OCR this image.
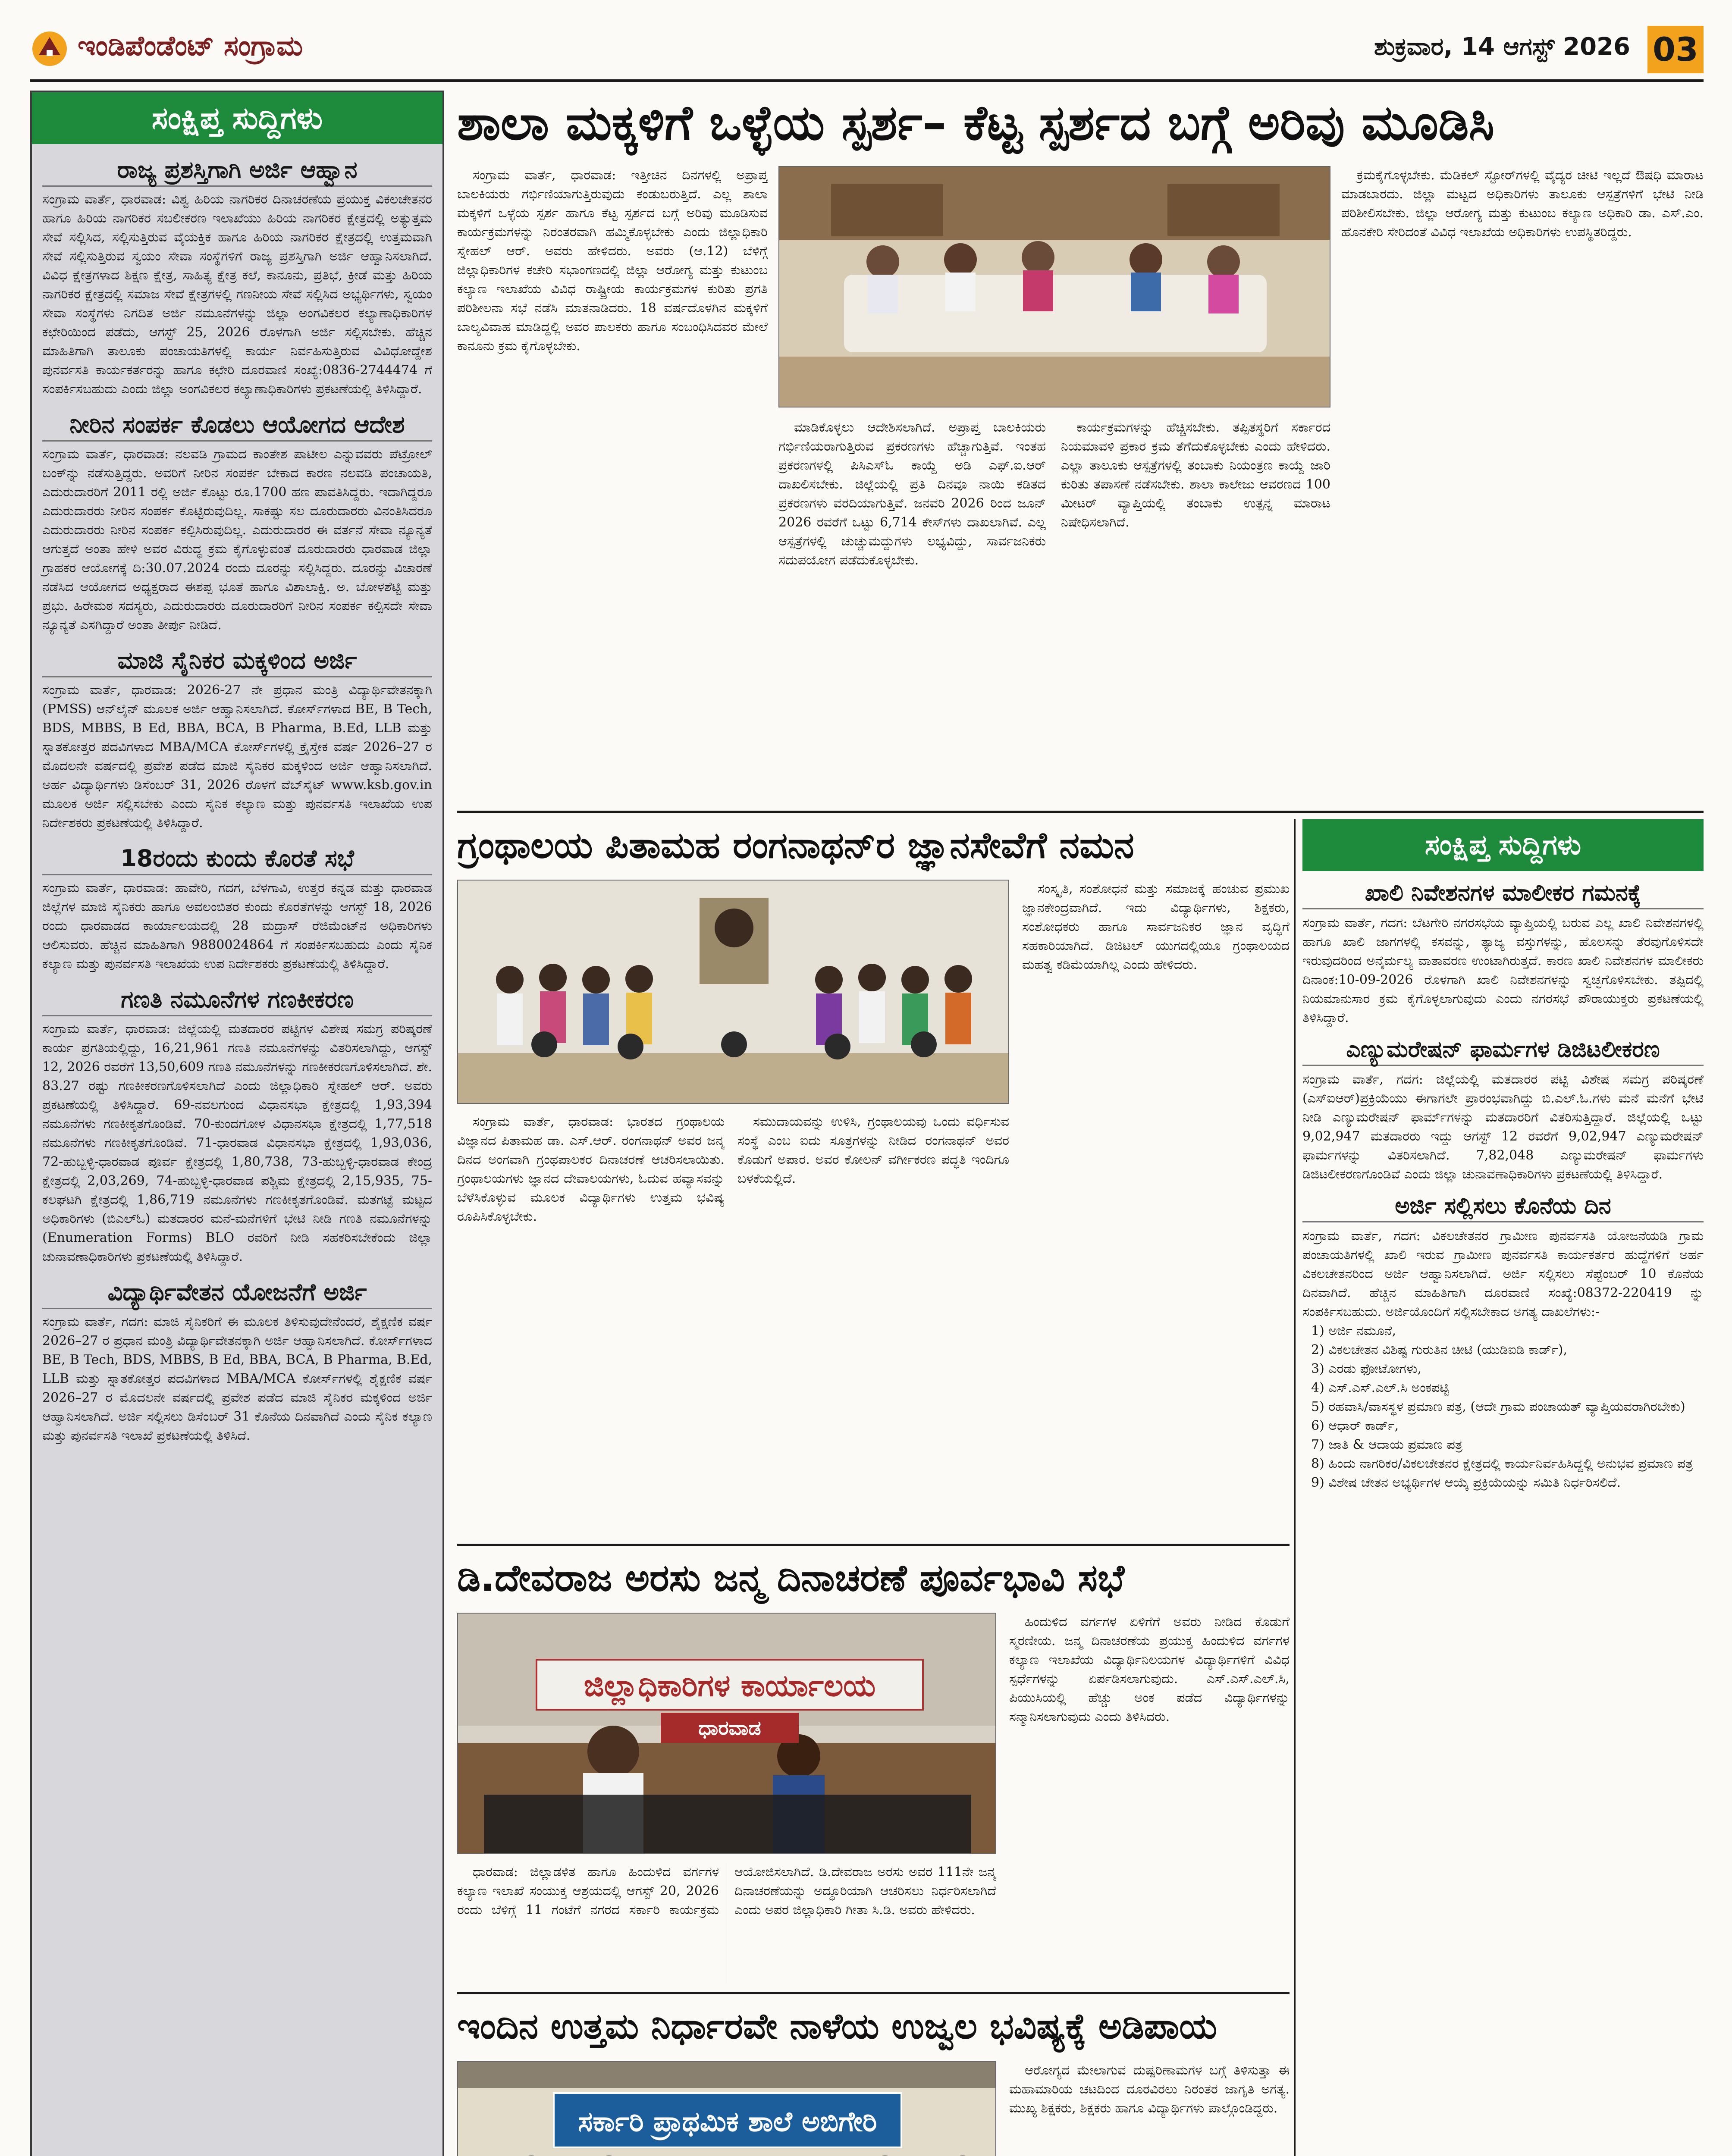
ಇಂಡಿಪೆಂಡೆಂಟ್ ಸಂಗ್ರಾಮ	ಶುಕ್ರವಾರ, 14 ಆಗಸ್ಟ್ 2026 03
ಸಂಕ್ಷಿಪ್ತ ಸುದ್ದಿಗಳು
ರಾಜ್ಯ ಪ್ರಶಸ್ತಿಗಾಗಿ ಅರ್ಜಿ ಆಹ್ವಾನ

ಸಂಗ್ರಾಮ ವಾರ್ತೆ, ಧಾರವಾಡ: ವಿಶ್ವ ಹಿರಿಯ ನಾಗರಿಕರ ದಿನಾಚರಣೆಯ ಪ್ರಯುಕ್ತ ವಿಕಲಚೇತನರ ಹಾಗೂ ಹಿರಿಯ ನಾಗರಿಕರ ಸಬಲೀಕರಣ ಇಲಾಖೆಯು ಹಿರಿಯ ನಾಗರಿಕರ ಕ್ಷೇತ್ರದಲ್ಲಿ ಅತ್ಯುತ್ತಮ ಸೇವೆ ಸಲ್ಲಿಸಿದ, ಸಲ್ಲಿಸುತ್ತಿರುವ ವೈಯಕ್ತಿಕ ಹಾಗೂ ಹಿರಿಯ ನಾಗರಿಕರ ಕ್ಷೇತ್ರದಲ್ಲಿ ಉತ್ತಮವಾಗಿ ಸೇವೆ ಸಲ್ಲಿಸುತ್ತಿರುವ ಸ್ವಯಂ ಸೇವಾ ಸಂಸ್ಥೆಗಳಿಗೆ ರಾಜ್ಯ ಪ್ರಶಸ್ತಿಗಾಗಿ ಅರ್ಜಿ ಆಹ್ವಾನಿಸಲಾಗಿದೆ. ವಿವಿಧ ಕ್ಷೇತ್ರಗಳಾದ ಶಿಕ್ಷಣ ಕ್ಷೇತ್ರ, ಸಾಹಿತ್ಯ ಕ್ಷೇತ್ರ ಕಲೆ, ಕಾನೂನು, ಪ್ರತಿಭೆ, ಕ್ರೀಡೆ ಮತ್ತು ಹಿರಿಯ ನಾಗರಿಕರ ಕ್ಷೇತ್ರದಲ್ಲಿ ಸಮಾಜ ಸೇವೆ ಕ್ಷೇತ್ರಗಳಲ್ಲಿ ಗಣನೀಯ ಸೇವೆ ಸಲ್ಲಿಸಿದ ಅಭ್ಯರ್ಥಿಗಳು, ಸ್ವಯಂ ಸೇವಾ ಸಂಸ್ಥೆಗಳು ನಿಗದಿತ ಅರ್ಜಿ ನಮೂನೆಗಳನ್ನು ಜಿಲ್ಲಾ ಅಂಗವಿಕಲರ ಕಲ್ಯಾಣಾಧಿಕಾರಿಗಳ ಕಛೇರಿಯಿಂದ ಪಡೆದು, ಆಗಸ್ಟ್ 25, 2026 ರೊಳಗಾಗಿ ಅರ್ಜಿ ಸಲ್ಲಿಸಬೇಕು. ಹೆಚ್ಚಿನ ಮಾಹಿತಿಗಾಗಿ ತಾಲೂಕು ಪಂಚಾಯತಿಗಳಲ್ಲಿ ಕಾರ್ಯ ನಿರ್ವಹಿಸುತ್ತಿರುವ ವಿವಿಧೋದ್ದೇಶ ಪುನರ್ವಸತಿ ಕಾರ್ಯಕರ್ತರನ್ನು ಹಾಗೂ ಕಛೇರಿ ದೂರವಾಣಿ ಸಂಖ್ಯೆ:0836-2744474 ಗೆ ಸಂಪರ್ಕಿಸಬಹುದು ಎಂದು ಜಿಲ್ಲಾ ಅಂಗವಿಕಲರ ಕಲ್ಯಾಣಾಧಿಕಾರಿಗಳು ಪ್ರಕಟಣೆಯಲ್ಲಿ ತಿಳಿಸಿದ್ದಾರೆ.

ನೀರಿನ ಸಂಪರ್ಕ ಕೊಡಲು ಆಯೋಗದ ಆದೇಶ

ಸಂಗ್ರಾಮ ವಾರ್ತೆ, ಧಾರವಾಡ: ನಲವಡಿ ಗ್ರಾಮದ ಕಾಂತೇಶ ಪಾಟೀಲ ಎನ್ನುವವರು ಪೆಟ್ರೋಲ್ ಬಂಕ್‌ನ್ನು ನಡೆಸುತ್ತಿದ್ದರು. ಅವರಿಗೆ ನೀರಿನ ಸಂಪರ್ಕ ಬೇಕಾದ ಕಾರಣ ನಲವಡಿ ಪಂಚಾಯತಿ, ಎದುರುದಾರರಿಗೆ 2011 ರಲ್ಲಿ ಅರ್ಜಿ ಕೊಟ್ಟು ರೂ.1700 ಹಣ ಪಾವತಿಸಿದ್ದರು. ಇದಾಗಿದ್ದರೂ ಎದುರುದಾರರು ನೀರಿನ ಸಂಪರ್ಕ ಕೊಟ್ಟಿರುವುದಿಲ್ಲ. ಸಾಕಷ್ಟು ಸಲ ದೂರುದಾರರು ವಿನಂತಿಸಿದರೂ ಎದುರುದಾರರು ನೀರಿನ ಸಂಪರ್ಕ ಕಲ್ಪಿಸಿರುವುದಿಲ್ಲ. ಎದುರುದಾರರ ಈ ವರ್ತನೆ ಸೇವಾ ನ್ಯೂನ್ಯತೆ ಆಗುತ್ತದೆ ಅಂತಾ ಹೇಳಿ ಅವರ ವಿರುದ್ಧ ಕ್ರಮ ಕೈಗೊಳ್ಳುವಂತೆ ದೂರುದಾರರು ಧಾರವಾಡ ಜಿಲ್ಲಾ ಗ್ರಾಹಕರ ಆಯೋಗಕ್ಕೆ ದಿ:30.07.2024 ರಂದು ದೂರನ್ನು ಸಲ್ಲಿಸಿದ್ದರು. ದೂರನ್ನು ವಿಚಾರಣೆ ನಡೆಸಿದ ಆಯೋಗದ ಅಧ್ಯಕ್ಷರಾದ ಈಶಪ್ಪ ಭೂತೆ ಹಾಗೂ ವಿಶಾಲಾಕ್ಷಿ. ಅ. ಬೋಳಶೆಟ್ಟಿ ಮತ್ತು ಪ್ರಭು. ಹಿರೇಮಠ ಸದಸ್ಯರು, ಎದುರುದಾರರು ದೂರುದಾರರಿಗೆ ನೀರಿನ ಸಂಪರ್ಕ ಕಲ್ಪಿಸದೇ ಸೇವಾ ನ್ಯೂನ್ಯತೆ ಎಸಗಿದ್ದಾರೆ ಅಂತಾ ತೀರ್ಪು ನೀಡಿದೆ.

ಮಾಜಿ ಸೈನಿಕರ ಮಕ್ಕಳಿಂದ ಅರ್ಜಿ

ಸಂಗ್ರಾಮ ವಾರ್ತೆ, ಧಾರವಾಡ: 2026-27 ನೇ ಪ್ರಧಾನ ಮಂತ್ರಿ ವಿದ್ಯಾರ್ಥಿವೇತನಕ್ಕಾಗಿ (PMSS) ಆನ್‌ಲೈನ್ ಮೂಲಕ ಅರ್ಜಿ ಆಹ್ವಾನಿಸಲಾಗಿದೆ. ಕೋರ್ಸ್‌ಗಳಾದ BE, B Tech, BDS, MBBS, B Ed, BBA, BCA, B Pharma, B.Ed, LLB ಮತ್ತು ಸ್ನಾತಕೋತ್ತರ ಪದವಿಗಳಾದ MBA/MCA ಕೋರ್ಸ್‌ಗಳಲ್ಲಿ ಕ್ರೈಸ್ತೇಕ ವರ್ಷ 2026–27 ರ ಮೊದಲನೇ ವರ್ಷದಲ್ಲಿ ಪ್ರವೇಶ ಪಡೆದ ಮಾಜಿ ಸೈನಿಕರ ಮಕ್ಕಳಿಂದ ಅರ್ಜಿ ಆಹ್ವಾನಿಸಲಾಗಿದೆ. ಅರ್ಹ ವಿದ್ಯಾರ್ಥಿಗಳು ಡಿಸೆಂಬರ್ 31, 2026 ರೊಳಗೆ ವೆಬ್‌ಸೈಟ್ www.ksb.gov.in ಮೂಲಕ ಅರ್ಜಿ ಸಲ್ಲಿಸಬೇಕು ಎಂದು ಸೈನಿಕ ಕಲ್ಯಾಣ ಮತ್ತು ಪುನರ್ವಸತಿ ಇಲಾಖೆಯ ಉಪ ನಿರ್ದೇಶಕರು ಪ್ರಕಟಣೆಯಲ್ಲಿ ತಿಳಿಸಿದ್ದಾರೆ.

18ರಂದು ಕುಂದು ಕೊರತೆ ಸಭೆ

ಸಂಗ್ರಾಮ ವಾರ್ತೆ, ಧಾರವಾಡ: ಹಾವೇರಿ, ಗದಗ, ಬೆಳಗಾವಿ, ಉತ್ತರ ಕನ್ನಡ ಮತ್ತು ಧಾರವಾಡ ಜಿಲ್ಲೆಗಳ ಮಾಜಿ ಸೈನಿಕರು ಹಾಗೂ ಅವಲಂಬಿತರ ಕುಂದು ಕೊರತೆಗಳನ್ನು ಆಗಸ್ಟ್ 18, 2026 ರಂದು ಧಾರವಾಡದ ಕಾರ್ಯಾಲಯದಲ್ಲಿ 28 ಮದ್ರಾಸ್ ರೆಜಿಮೆಂಟ್‌ನ ಅಧಿಕಾರಿಗಳು ಆಲಿಸುವರು. ಹೆಚ್ಚಿನ ಮಾಹಿತಿಗಾಗಿ 9880024864 ಗೆ ಸಂಪರ್ಕಿಸಬಹುದು ಎಂದು ಸೈನಿಕ ಕಲ್ಯಾಣ ಮತ್ತು ಪುನರ್ವಸತಿ ಇಲಾಖೆಯ ಉಪ ನಿರ್ದೇಶಕರು ಪ್ರಕಟಣೆಯಲ್ಲಿ ತಿಳಿಸಿದ್ದಾರೆ.

ಗಣತಿ ನಮೂನೆಗಳ ಗಣಕೀಕರಣ

ಸಂಗ್ರಾಮ ವಾರ್ತೆ, ಧಾರವಾಡ: ಜಿಲ್ಲೆಯಲ್ಲಿ ಮತದಾರರ ಪಟ್ಟಿಗಳ ವಿಶೇಷ ಸಮಗ್ರ ಪರಿಷ್ಕರಣೆ ಕಾರ್ಯ ಪ್ರಗತಿಯಲ್ಲಿದ್ದು, 16,21,961 ಗಣತಿ ನಮೂನೆಗಳನ್ನು ವಿತರಿಸಲಾಗಿದ್ದು, ಆಗಸ್ಟ್ 12, 2026 ರವರೆಗೆ 13,50,609 ಗಣತಿ ನಮೂನೆಗಳನ್ನು ಗಣಕೀಕರಣಗೊಳಿಸಲಾಗಿದೆ. ಶೇ. 83.27 ರಷ್ಟು ಗಣಕೀಕರಣಗೊಳಿಸಲಾಗಿದೆ ಎಂದು ಜಿಲ್ಲಾಧಿಕಾರಿ ಸ್ನೇಹಲ್ ಆರ್. ಅವರು ಪ್ರಕಟಣೆಯಲ್ಲಿ ತಿಳಿಸಿದ್ದಾರೆ. 69-ನವಲಗುಂದ ವಿಧಾನಸಭಾ ಕ್ಷೇತ್ರದಲ್ಲಿ 1,93,394 ನಮೂನೆಗಳು ಗಣಕೀಕೃತಗೊಂಡಿವೆ. 70-ಕುಂದಗೋಳ ವಿಧಾನಸಭಾ ಕ್ಷೇತ್ರದಲ್ಲಿ 1,77,518 ನಮೂನೆಗಳು ಗಣಕೀಕೃತಗೊಂಡಿವೆ. 71-ಧಾರವಾಡ ವಿಧಾನಸಭಾ ಕ್ಷೇತ್ರದಲ್ಲಿ 1,93,036, 72-ಹುಬ್ಬಳ್ಳಿ-ಧಾರವಾಡ ಪೂರ್ವ ಕ್ಷೇತ್ರದಲ್ಲಿ 1,80,738, 73-ಹುಬ್ಬಳ್ಳಿ-ಧಾರವಾಡ ಕೇಂದ್ರ ಕ್ಷೇತ್ರದಲ್ಲಿ 2,03,269, 74-ಹುಬ್ಬಳ್ಳಿ-ಧಾರವಾಡ ಪಶ್ಚಿಮ ಕ್ಷೇತ್ರದಲ್ಲಿ 2,15,935, 75-ಕಲಘಟಗಿ ಕ್ಷೇತ್ರದಲ್ಲಿ 1,86,719 ನಮೂನೆಗಳು ಗಣಕೀಕೃತಗೊಂಡಿವೆ. ಮತಗಟ್ಟೆ ಮಟ್ಟದ ಅಧಿಕಾರಿಗಳು (ಬಿಎಲ್‌ಓ) ಮತದಾರರ ಮನೆ-ಮನೆಗಳಿಗೆ ಭೇಟಿ ನೀಡಿ ಗಣತಿ ನಮೂನೆಗಳನ್ನು (Enumeration Forms) BLO ರವರಿಗೆ ನೀಡಿ ಸಹಕರಿಸಬೇಕೆಂದು ಜಿಲ್ಲಾ ಚುನಾವಣಾಧಿಕಾರಿಗಳು ಪ್ರಕಟಣೆಯಲ್ಲಿ ತಿಳಿಸಿದ್ದಾರೆ.

ವಿದ್ಯಾರ್ಥಿವೇತನ ಯೋಜನೆಗೆ ಅರ್ಜಿ

ಸಂಗ್ರಾಮ ವಾರ್ತೆ, ಗದಗ: ಮಾಜಿ ಸೈನಿಕರಿಗೆ ಈ ಮೂಲಕ ತಿಳಿಸುವುದೇನೆಂದರೆ, ಶೈಕ್ಷಣಿಕ ವರ್ಷ 2026–27 ರ ಪ್ರಧಾನ ಮಂತ್ರಿ ವಿದ್ಯಾರ್ಥಿವೇತನಕ್ಕಾಗಿ ಅರ್ಜಿ ಆಹ್ವಾನಿಸಲಾಗಿದೆ. ಕೋರ್ಸ್‌ಗಳಾದ BE, B Tech, BDS, MBBS, B Ed, BBA, BCA, B Pharma, B.Ed, LLB ಮತ್ತು ಸ್ನಾತಕೋತ್ತರ ಪದವಿಗಳಾದ MBA/MCA ಕೋರ್ಸ್‌ಗಳಲ್ಲಿ ಶೈಕ್ಷಣಿಕ ವರ್ಷ 2026–27 ರ ಮೊದಲನೇ ವರ್ಷದಲ್ಲಿ ಪ್ರವೇಶ ಪಡೆದ ಮಾಜಿ ಸೈನಿಕರ ಮಕ್ಕಳಿಂದ ಅರ್ಜಿ ಆಹ್ವಾನಿಸಲಾಗಿದೆ. ಅರ್ಜಿ ಸಲ್ಲಿಸಲು ಡಿಸೆಂಬರ್ 31 ಕೊನೆಯ ದಿನವಾಗಿದೆ ಎಂದು ಸೈನಿಕ ಕಲ್ಯಾಣ ಮತ್ತು ಪುನರ್ವಸತಿ ಇಲಾಖೆ ಪ್ರಕಟಣೆಯಲ್ಲಿ ತಿಳಿಸಿದೆ.

ಶಾಲಾ ಮಕ್ಕಳಿಗೆ ಒಳ್ಳೆಯ ಸ್ಪರ್ಶ– ಕೆಟ್ಟ ಸ್ಪರ್ಶದ ಬಗ್ಗೆ ಅರಿವು ಮೂಡಿಸಿ

ಸಂಗ್ರಾಮ ವಾರ್ತೆ, ಧಾರವಾಡ: ಇತ್ತೀಚಿನ ದಿನಗಳಲ್ಲಿ ಅಪ್ರಾಪ್ತ ಬಾಲಕಿಯರು ಗರ್ಭಿಣಿಯಾಗುತ್ತಿರುವುದು ಕಂಡುಬರುತ್ತಿದೆ. ಎಲ್ಲ ಶಾಲಾ ಮಕ್ಕಳಿಗೆ ಒಳ್ಳೆಯ ಸ್ಪರ್ಶ ಹಾಗೂ ಕೆಟ್ಟ ಸ್ಪರ್ಶದ ಬಗ್ಗೆ ಅರಿವು ಮೂಡಿಸುವ ಕಾರ್ಯಕ್ರಮಗಳನ್ನು ನಿರಂತರವಾಗಿ ಹಮ್ಮಿಕೊಳ್ಳಬೇಕು ಎಂದು ಜಿಲ್ಲಾಧಿಕಾರಿ ಸ್ನೇಹಲ್ ಆರ್. ಅವರು ಹೇಳಿದರು. ಅವರು (ಆ.12) ಬೆಳಿಗ್ಗೆ ಜಿಲ್ಲಾಧಿಕಾರಿಗಳ ಕಚೇರಿ ಸಭಾಂಗಣದಲ್ಲಿ ಜಿಲ್ಲಾ ಆರೋಗ್ಯ ಮತ್ತು ಕುಟುಂಬ ಕಲ್ಯಾಣ ಇಲಾಖೆಯ ವಿವಿಧ ರಾಷ್ಟ್ರೀಯ ಕಾರ್ಯಕ್ರಮಗಳ ಕುರಿತು ಪ್ರಗತಿ ಪರಿಶೀಲನಾ ಸಭೆ ನಡೆಸಿ ಮಾತನಾಡಿದರು. 18 ವರ್ಷದೊಳಗಿನ ಮಕ್ಕಳಿಗೆ ಬಾಲ್ಯವಿವಾಹ ಮಾಡಿದ್ದಲ್ಲಿ ಅವರ ಪಾಲಕರು ಹಾಗೂ ಸಂಬಂಧಿಸಿದವರ ಮೇಲೆ ಕಾನೂನು ಕ್ರಮ ಕೈಗೊಳ್ಳಬೇಕು.

ಕ್ರಮಕೈಗೊಳ್ಳಬೇಕು. ಮೆಡಿಕಲ್ ಸ್ಟೋರ್‌ಗಳಲ್ಲಿ ವೈದ್ಯರ ಚೀಟಿ ಇಲ್ಲದೆ ಔಷಧಿ ಮಾರಾಟ ಮಾಡಬಾರದು. ಜಿಲ್ಲಾ ಮಟ್ಟದ ಅಧಿಕಾರಿಗಳು ತಾಲೂಕು ಆಸ್ಪತ್ರೆಗಳಿಗೆ ಭೇಟಿ ನೀಡಿ ಪರಿಶೀಲಿಸಬೇಕು. ಜಿಲ್ಲಾ ಆರೋಗ್ಯ ಮತ್ತು ಕುಟುಂಬ ಕಲ್ಯಾಣ ಅಧಿಕಾರಿ ಡಾ. ಎಸ್.ಎಂ. ಹೊನಕೇರಿ ಸೇರಿದಂತೆ ವಿವಿಧ ಇಲಾಖೆಯ ಅಧಿಕಾರಿಗಳು ಉಪಸ್ಥಿತರಿದ್ದರು.

ಮಾಡಿಕೊಳ್ಳಲು ಆದೇಶಿಸಲಾಗಿದೆ. ಅಪ್ರಾಪ್ತ ಬಾಲಕಿಯರು ಗರ್ಭಿಣಿಯರಾಗುತ್ತಿರುವ ಪ್ರಕರಣಗಳು ಹೆಚ್ಚಾಗುತ್ತಿವೆ. ಇಂತಹ ಪ್ರಕರಣಗಳಲ್ಲಿ ಪಿಸಿಎಸ್‌ಓ ಕಾಯ್ದೆ ಅಡಿ ಎಫ್.ಐ.ಆರ್ ದಾಖಲಿಸಬೇಕು. ಜಿಲ್ಲೆಯಲ್ಲಿ ಪ್ರತಿ ದಿನವೂ ನಾಯಿ ಕಡಿತದ ಪ್ರಕರಣಗಳು ವರದಿಯಾಗುತ್ತಿವೆ. ಜನವರಿ 2026 ರಿಂದ ಜೂನ್ 2026 ರವರೆಗೆ ಒಟ್ಟು 6,714 ಕೇಸ್‌ಗಳು ದಾಖಲಾಗಿವೆ. ಎಲ್ಲ ಆಸ್ಪತ್ರೆಗಳಲ್ಲಿ ಚುಚ್ಚುಮದ್ದುಗಳು ಲಭ್ಯವಿದ್ದು, ಸಾರ್ವಜನಿಕರು ಸದುಪಯೋಗ ಪಡೆದುಕೊಳ್ಳಬೇಕು.

ಕಾರ್ಯಕ್ರಮಗಳನ್ನು ಹೆಚ್ಚಿಸಬೇಕು. ತಪ್ಪಿತಸ್ಥರಿಗೆ ಸರ್ಕಾರದ ನಿಯಮಾವಳಿ ಪ್ರಕಾರ ಕ್ರಮ ತೆಗೆದುಕೊಳ್ಳಬೇಕು ಎಂದು ಹೇಳಿದರು. ಎಲ್ಲಾ ತಾಲೂಕು ಆಸ್ಪತ್ರೆಗಳಲ್ಲಿ ತಂಬಾಕು ನಿಯಂತ್ರಣ ಕಾಯ್ದೆ ಜಾರಿ ಕುರಿತು ತಪಾಸಣೆ ನಡೆಸಬೇಕು. ಶಾಲಾ ಕಾಲೇಜು ಆವರಣದ 100 ಮೀಟರ್ ವ್ಯಾಪ್ತಿಯಲ್ಲಿ ತಂಬಾಕು ಉತ್ಪನ್ನ ಮಾರಾಟ ನಿಷೇಧಿಸಲಾಗಿದೆ.

ಗ್ರಂಥಾಲಯ ಪಿತಾಮಹ ರಂಗನಾಥನ್‌ರ ಜ್ಞಾನಸೇವೆಗೆ ನಮನ

ಸಂಗ್ರಾಮ ವಾರ್ತೆ, ಧಾರವಾಡ: ಭಾರತದ ಗ್ರಂಥಾಲಯ ವಿಜ್ಞಾನದ ಪಿತಾಮಹ ಡಾ. ಎಸ್.ಆರ್. ರಂಗನಾಥನ್ ಅವರ ಜನ್ಮ ದಿನದ ಅಂಗವಾಗಿ ಗ್ರಂಥಪಾಲಕರ ದಿನಾಚರಣೆ ಆಚರಿಸಲಾಯಿತು. ಗ್ರಂಥಾಲಯಗಳು ಜ್ಞಾನದ ದೇವಾಲಯಗಳು, ಓದುವ ಹವ್ಯಾಸವನ್ನು ಬೆಳೆಸಿಕೊಳ್ಳುವ ಮೂಲಕ ವಿದ್ಯಾರ್ಥಿಗಳು ಉತ್ತಮ ಭವಿಷ್ಯ ರೂಪಿಸಿಕೊಳ್ಳಬೇಕು.

ಸಮುದಾಯವನ್ನು ಉಳಿಸಿ, ಗ್ರಂಥಾಲಯವು ಒಂದು ವರ್ಧಿಸುವ ಸಂಸ್ಥೆ ಎಂಬ ಐದು ಸೂತ್ರಗಳನ್ನು ನೀಡಿದ ರಂಗನಾಥನ್ ಅವರ ಕೊಡುಗೆ ಅಪಾರ. ಅವರ ಕೋಲನ್ ವರ್ಗೀಕರಣ ಪದ್ಧತಿ ಇಂದಿಗೂ ಬಳಕೆಯಲ್ಲಿದೆ.

ಸಂಸ್ಕೃತಿ, ಸಂಶೋಧನೆ ಮತ್ತು ಸಮಾಜಕ್ಕೆ ಹಂಚುವ ಪ್ರಮುಖ ಜ್ಞಾನಕೇಂದ್ರವಾಗಿದೆ. ಇದು ವಿದ್ಯಾರ್ಥಿಗಳು, ಶಿಕ್ಷಕರು, ಸಂಶೋಧಕರು ಹಾಗೂ ಸಾರ್ವಜನಿಕರ ಜ್ಞಾನ ವೃದ್ಧಿಗೆ ಸಹಕಾರಿಯಾಗಿದೆ. ಡಿಜಿಟಲ್ ಯುಗದಲ್ಲಿಯೂ ಗ್ರಂಥಾಲಯದ ಮಹತ್ವ ಕಡಿಮೆಯಾಗಿಲ್ಲ ಎಂದು ಹೇಳಿದರು.

ಡಿ.ದೇವರಾಜ ಅರಸು ಜನ್ಮ ದಿನಾಚರಣೆ ಪೂರ್ವಭಾವಿ ಸಭೆ
ಜಿಲ್ಲಾಧಿಕಾರಿಗಳ ಕಾರ್ಯಾಲಯ
ಧಾರವಾಡ

ಧಾರವಾಡ: ಜಿಲ್ಲಾಡಳಿತ ಹಾಗೂ ಹಿಂದುಳಿದ ವರ್ಗಗಳ ಕಲ್ಯಾಣ ಇಲಾಖೆ ಸಂಯುಕ್ತ ಆಶ್ರಯದಲ್ಲಿ ಆಗಸ್ಟ್ 20, 2026 ರಂದು ಬೆಳಿಗ್ಗೆ 11 ಗಂಟೆಗೆ ನಗರದ ಸರ್ಕಾರಿ ಕಾರ್ಯಕ್ರಮ ಆಯೋಜಿಸಲಾಗಿದೆ. ಡಿ.ದೇವರಾಜ ಅರಸು ಅವರ 111ನೇ ಜನ್ಮ ದಿನಾಚರಣೆಯನ್ನು ಅದ್ಧೂರಿಯಾಗಿ ಆಚರಿಸಲು ನಿರ್ಧರಿಸಲಾಗಿದೆ ಎಂದು ಅಪರ ಜಿಲ್ಲಾಧಿಕಾರಿ ಗೀತಾ ಸಿ.ಡಿ. ಅವರು ಹೇಳಿದರು.

ಹಿಂದುಳಿದ ವರ್ಗಗಳ ಏಳಿಗೆಗೆ ಅವರು ನೀಡಿದ ಕೊಡುಗೆ ಸ್ಮರಣೀಯ. ಜನ್ಮ ದಿನಾಚರಣೆಯ ಪ್ರಯುಕ್ತ ಹಿಂದುಳಿದ ವರ್ಗಗಳ ಕಲ್ಯಾಣ ಇಲಾಖೆಯ ವಿದ್ಯಾರ್ಥಿನಿಲಯಗಳ ವಿದ್ಯಾರ್ಥಿಗಳಿಗೆ ವಿವಿಧ ಸ್ಪರ್ಧೆಗಳನ್ನು ಏರ್ಪಡಿಸಲಾಗುವುದು. ಎಸ್.ಎಸ್.ಎಲ್.ಸಿ, ಪಿಯುಸಿಯಲ್ಲಿ ಹೆಚ್ಚು ಅಂಕ ಪಡೆದ ವಿದ್ಯಾರ್ಥಿಗಳನ್ನು ಸನ್ಮಾನಿಸಲಾಗುವುದು ಎಂದು ತಿಳಿಸಿದರು.

ಇಂದಿನ ಉತ್ತಮ ನಿರ್ಧಾರವೇ ನಾಳೆಯ ಉಜ್ವಲ ಭವಿಷ್ಯಕ್ಕೆ ಅಡಿಪಾಯ
ಸರ್ಕಾರಿ ಪ್ರಾಥಮಿಕ ಶಾಲೆ ಅಬಿಗೇರಿ

ಆರೋಗ್ಯದ ಮೇಲಾಗುವ ದುಷ್ಪರಿಣಾಮಗಳ ಬಗ್ಗೆ ತಿಳಿಸುತ್ತಾ ಈ ಮಹಾಮಾರಿಯ ಚಟದಿಂದ ದೂರವಿರಲು ನಿರಂತರ ಜಾಗೃತಿ ಅಗತ್ಯ. ಮುಖ್ಯ ಶಿಕ್ಷಕರು, ಶಿಕ್ಷಕರು ಹಾಗೂ ವಿದ್ಯಾರ್ಥಿಗಳು ಪಾಲ್ಗೊಂಡಿದ್ದರು.

ಸಂಕ್ಷಿಪ್ತ ಸುದ್ದಿಗಳು
ಖಾಲಿ ನಿವೇಶನಗಳ ಮಾಲೀಕರ ಗಮನಕ್ಕೆ

ಸಂಗ್ರಾಮ ವಾರ್ತೆ, ಗದಗ: ಬೆಟಗೇರಿ ನಗರಸಭೆಯ ವ್ಯಾಪ್ತಿಯಲ್ಲಿ ಬರುವ ಎಲ್ಲ ಖಾಲಿ ನಿವೇಶನಗಳಲ್ಲಿ ಹಾಗೂ ಖಾಲಿ ಜಾಗಗಳಲ್ಲಿ ಕಸವನ್ನು, ತ್ಯಾಜ್ಯ ವಸ್ತುಗಳನ್ನು, ಹೊಲಸನ್ನು ತೆರವುಗೊಳಿಸದೇ ಇರುವುದರಿಂದ ಅನೈರ್ಮಲ್ಯ ವಾತಾವರಣ ಉಂಟಾಗಿರುತ್ತದೆ. ಕಾರಣ ಖಾಲಿ ನಿವೇಶನಗಳ ಮಾಲೀಕರು ದಿನಾಂಕ:10-09-2026 ರೊಳಗಾಗಿ ಖಾಲಿ ನಿವೇಶನಗಳನ್ನು ಸ್ವಚ್ಛಗೊಳಿಸಬೇಕು. ತಪ್ಪಿದಲ್ಲಿ ನಿಯಮಾನುಸಾರ ಕ್ರಮ ಕೈಗೊಳ್ಳಲಾಗುವುದು ಎಂದು ನಗರಸಭೆ ಪೌರಾಯುಕ್ತರು ಪ್ರಕಟಣೆಯಲ್ಲಿ ತಿಳಿಸಿದ್ದಾರೆ.

ಎಣ್ಯುಮರೇಷನ್ ಫಾರ್ಮಗಳ ಡಿಜಿಟಲೀಕರಣ

ಸಂಗ್ರಾಮ ವಾರ್ತೆ, ಗದಗ: ಜಿಲ್ಲೆಯಲ್ಲಿ ಮತದಾರರ ಪಟ್ಟಿ ವಿಶೇಷ ಸಮಗ್ರ ಪರಿಷ್ಕರಣೆ (ಎಸ್‌ಐಆರ್)ಪ್ರಕ್ರಿಯೆಯು ಈಗಾಗಲೇ ಪ್ರಾರಂಭವಾಗಿದ್ದು ಬಿ.ಎಲ್.ಓ.ಗಳು ಮನೆ ಮನೆಗೆ ಭೇಟಿ ನೀಡಿ ಎಣ್ಯುಮರೇಷನ್ ಫಾರ್ಮ್‌ಗಳನ್ನು ಮತದಾರರಿಗೆ ವಿತರಿಸುತ್ತಿದ್ದಾರೆ. ಜಿಲ್ಲೆಯಲ್ಲಿ ಒಟ್ಟು 9,02,947 ಮತದಾರರು ಇದ್ದು ಆಗಸ್ಟ್ 12 ರವರೆಗೆ 9,02,947 ಎಣ್ಯುಮರೇಷನ್ ಫಾರ್ಮಗಳನ್ನು ವಿತರಿಸಲಾಗಿದೆ. 7,82,048 ಎಣ್ಯುಮರೇಷನ್ ಫಾರ್ಮಗಳು ಡಿಜಿಟಲೀಕರಣಗೊಂಡಿವೆ ಎಂದು ಜಿಲ್ಲಾ ಚುನಾವಣಾಧಿಕಾರಿಗಳು ಪ್ರಕಟಣೆಯಲ್ಲಿ ತಿಳಿಸಿದ್ದಾರೆ.

ಅರ್ಜಿ ಸಲ್ಲಿಸಲು ಕೊನೆಯ ದಿನ

ಸಂಗ್ರಾಮ ವಾರ್ತೆ, ಗದಗ: ವಿಕಲಚೇತನರ ಗ್ರಾಮೀಣ ಪುನರ್ವಸತಿ ಯೋಜನೆಯಡಿ ಗ್ರಾಮ ಪಂಚಾಯತಿಗಳಲ್ಲಿ ಖಾಲಿ ಇರುವ ಗ್ರಾಮೀಣ ಪುನರ್ವಸತಿ ಕಾರ್ಯಕರ್ತರ ಹುದ್ದೆಗಳಿಗೆ ಅರ್ಹ ವಿಕಲಚೇತನರಿಂದ ಅರ್ಜಿ ಆಹ್ವಾನಿಸಲಾಗಿದೆ. ಅರ್ಜಿ ಸಲ್ಲಿಸಲು ಸೆಪ್ಟೆಂಬರ್ 10 ಕೊನೆಯ ದಿನವಾಗಿದೆ. ಹೆಚ್ಚಿನ ಮಾಹಿತಿಗಾಗಿ ದೂರವಾಣಿ ಸಂಖ್ಯೆ:08372-220419 ನ್ನು ಸಂಪರ್ಕಿಸಬಹುದು. ಅರ್ಜಿಯೊಂದಿಗೆ ಸಲ್ಲಿಸಬೇಕಾದ ಅಗತ್ಯ ದಾಖಲೆಗಳು:-

1) ಅರ್ಜಿ ನಮೂನೆ,
2) ವಿಕಲಚೇತನ ವಿಶಿಷ್ಟ ಗುರುತಿನ ಚೀಟಿ (ಯುಡಿಐಡಿ ಕಾರ್ಡ್),
3) ಎರಡು ಫೋಟೋಗಳು,
4) ಎಸ್.ಎಸ್.ಎಲ್.ಸಿ ಅಂಕಪಟ್ಟಿ
5) ರಹವಾಸಿ/ವಾಸಸ್ಥಳ ಪ್ರಮಾಣ ಪತ್ರ, (ಆದೇ ಗ್ರಾಮ ಪಂಚಾಯತ್ ವ್ಯಾಪ್ತಿಯವರಾಗಿರಬೇಕು)
6) ಆಧಾರ್ ಕಾರ್ಡ್,
7) ಜಾತಿ & ಆದಾಯ ಪ್ರಮಾಣ ಪತ್ರ
8) ಹಿಂದು ನಾಗರಿಕರ/ವಿಕಲಚೇತನರ ಕ್ಷೇತ್ರದಲ್ಲಿ ಕಾರ್ಯನಿರ್ವಹಿಸಿದ್ದಲ್ಲಿ ಅನುಭವ ಪ್ರಮಾಣ ಪತ್ರ
9) ವಿಶೇಷ ಚೇತನ ಅಭ್ಯರ್ಥಿಗಳ ಆಯ್ಕೆ ಪ್ರಕ್ರಿಯೆಯನ್ನು ಸಮಿತಿ ನಿರ್ಧರಿಸಲಿದೆ.
